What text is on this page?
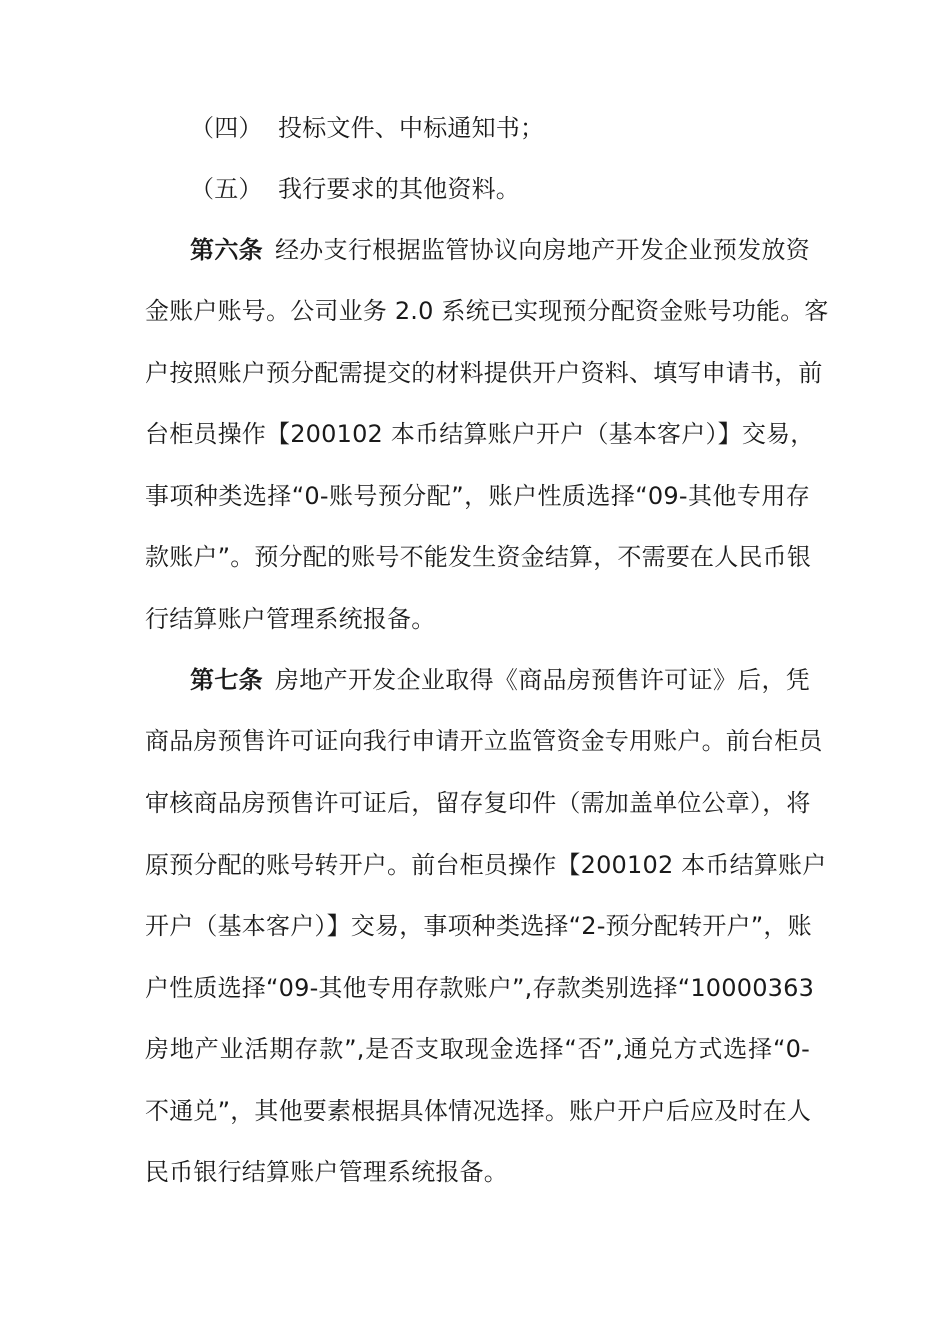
（四） 投标文件、中标通知书；
（五） 我行要求的其他资料。
第六条 经办支行根据监管协议向房地产开发企业预发放资
金账户账号。公司业务 2.0 系统已实现预分配资金账号功能。客
户按照账户预分配需提交的材料提供开户资料、填写申请书，前
台柜员操作【200102 本币结算账户开户（基本客户）】交易，
事项种类选择“0-账号预分配”，账户性质选择“09-其他专用存
款账户”。预分配的账号不能发生资金结算，不需要在人民币银
行结算账户管理系统报备。
第七条 房地产开发企业取得《商品房预售许可证》后，凭
商品房预售许可证向我行申请开立监管资金专用账户。前台柜员
审核商品房预售许可证后，留存复印件（需加盖单位公章），将
原预分配的账号转开户。前台柜员操作【200102 本币结算账户
开户（基本客户）】交易，事项种类选择“2-预分配转开户”，账
户性质选择“09-其他专用存款账户”,存款类别选择“10000363
房地产业活期存款”,是否支取现金选择“否”,通兑方式选择“0-
不通兑”，其他要素根据具体情况选择。账户开户后应及时在人
民币银行结算账户管理系统报备。
